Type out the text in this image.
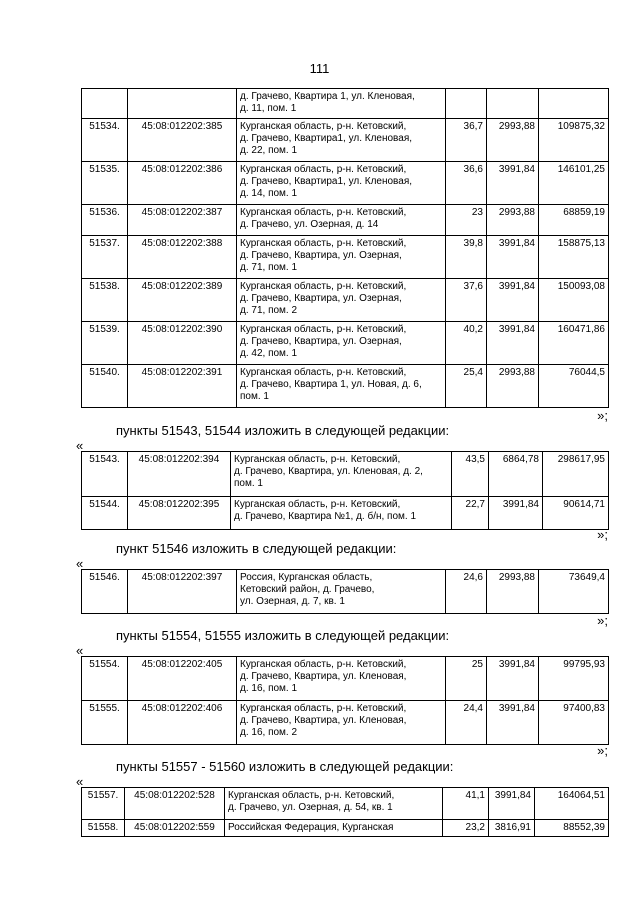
111

		д. Грачево, Квартира 1, ул. Кленовая,
д. 11, пом. 1			

51534.	45:08:012202:385	Курганская область, р-н. Кетовский,
д. Грачево, Квартира1, ул. Кленовая,
д. 22, пом. 1	36,7	2993,88	109875,32
51535.	45:08:012202:386	Курганская область, р-н. Кетовский,
д. Грачево, Квартира1, ул. Кленовая,
д. 14, пом. 1	36,6	3991,84	146101,25
51536.	45:08:012202:387	Курганская область, р-н. Кетовский,
д. Грачево, ул. Озерная, д. 14	23	2993,88	68859,19
51537.	45:08:012202:388	Курганская область, р-н. Кетовский,
д. Грачево, Квартира, ул. Озерная,
д. 71, пом. 1	39,8	3991,84	158875,13
51538.	45:08:012202:389	Курганская область, р-н. Кетовский,
д. Грачево, Квартира, ул. Озерная,
д. 71, пом. 2	37,6	3991,84	150093,08
51539.	45:08:012202:390	Курганская область, р-н. Кетовский,
д. Грачево, Квартира, ул. Озерная,
д. 42, пом. 1	40,2	3991,84	160471,86
51540.	45:08:012202:391	Курганская область, р-н. Кетовский,
д. Грачево, Квартира 1, ул. Новая, д. 6,
пом. 1	25,4	2993,88	76044,5
»;
пункты 51543, 51544 изложить в следующей редакции:
«
51543.	45:08:012202:394	Курганская область, р-н. Кетовский,
д. Грачево, Квартира, ул. Кленовая, д. 2,
пом. 1	43,5	6864,78	298617,95
51544.	45:08:012202:395	Курганская область, р-н. Кетовский,
д. Грачево, Квартира №1, д. б/н, пом. 1	22,7	3991,84	90614,71
»;
пункт 51546 изложить в следующей редакции:
«
51546.	45:08:012202:397	Россия, Курганская область,
Кетовский район, д. Грачево,
ул. Озерная, д. 7, кв. 1
	24,6	2993,88	73649,4
»;
пункты 51554, 51555 изложить в следующей редакции:
«
51554.	45:08:012202:405	Курганская область, р-н. Кетовский,
д. Грачево, Квартира, ул. Кленовая,
д. 16, пом. 1	25	3991,84	99795,93
51555.	45:08:012202:406	Курганская область, р-н. Кетовский,
д. Грачево, Квартира, ул. Кленовая,
д. 16, пом. 2	24,4	3991,84	97400,83
»;
пункты 51557 - 51560 изложить в следующей редакции:
«
51557.	45:08:012202:528	Курганская область, р-н. Кетовский,
д. Грачево, ул. Озерная, д. 54, кв. 1	41,1	3991,84	164064,51
51558.	45:08:012202:559	Российская Федерация, Курганская	23,2	3816,91	88552,39
